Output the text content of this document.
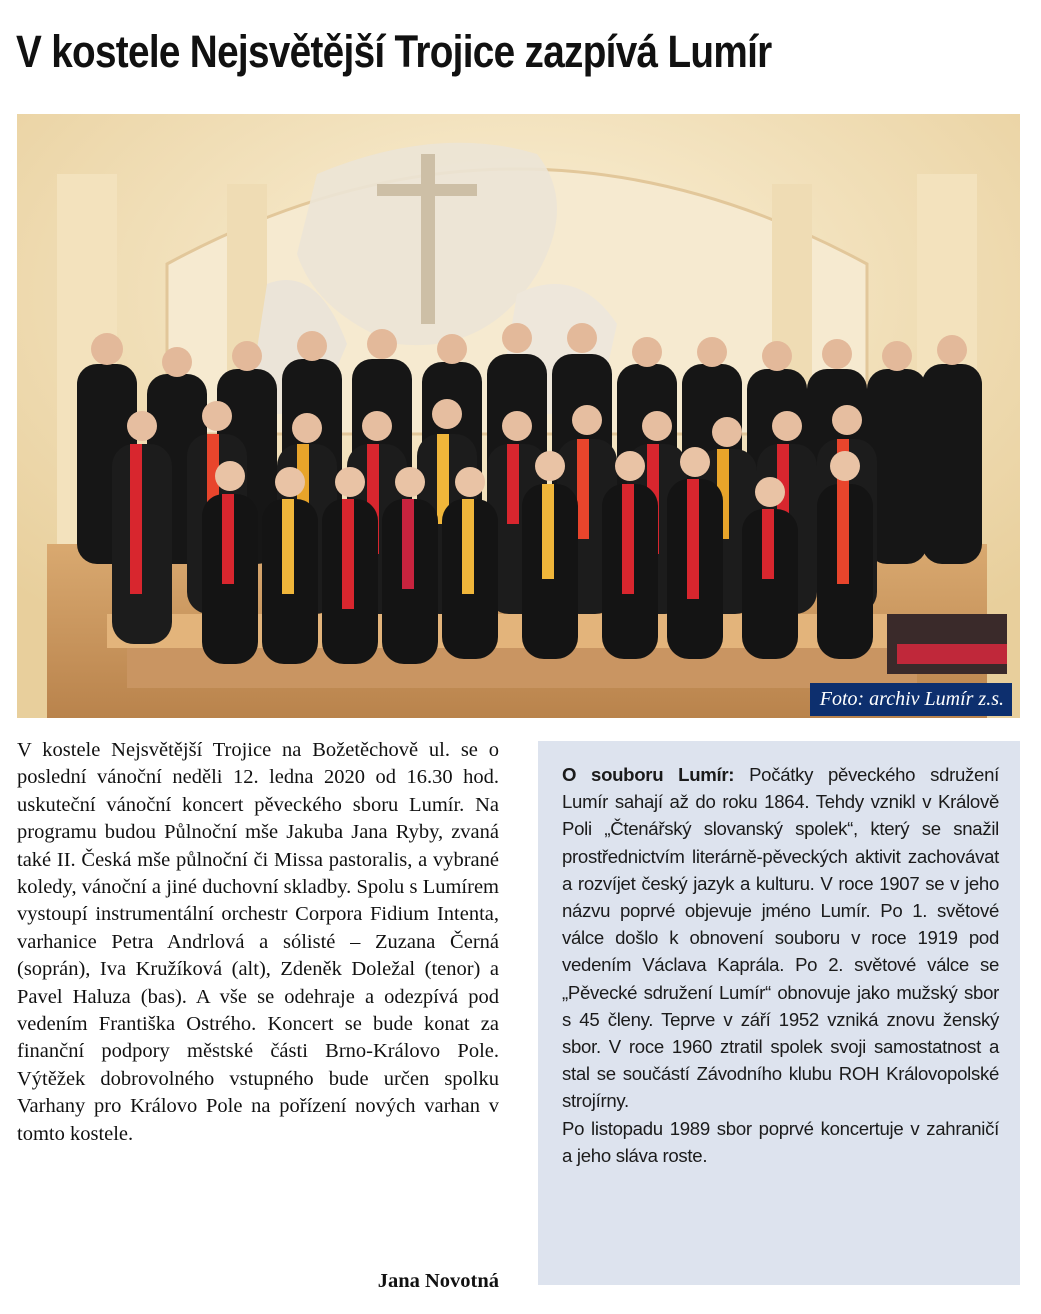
V kostele Nejsvětější Trojice zazpívá Lumír
Foto: archiv Lumír z.s.

V kostele Nejsvětější Trojice na Božetěchově ul. se o poslední vánoční neděli 12. ledna 2020 od 16.30 hod. uskuteční vánoční koncert pěveckého sboru Lumír. Na programu budou Půlnoční mše Jakuba Jana Ryby, zvaná také II. Česká mše půlnoční či Missa pastoralis, a vybrané koledy, vánoční a jiné duchovní skladby. Spolu s Lumírem vystoupí instrumentální orchestr Corpora Fidium Intenta, varhanice Petra Andrlová a sólisté – Zuzana Černá (soprán), Iva Kružíková (alt), Zdeněk Doležal (tenor) a Pavel Haluza (bas). A vše se odehraje a odezpívá pod vedením Františka Ostrého. Koncert se bude konat za finanční podpory městské části Brno-Královo Pole. Výtěžek dobrovolného vstupného bude určen spolku Varhany pro Královo Pole na pořízení nových varhan v tomto kostele.

Jana Novotná

O souboru Lumír: Počátky pěveckého sdružení Lumír sahají až do roku 1864. Tehdy vznikl v Králově Poli „Čtenářský slovanský spolek“, který se snažil prostřednictvím literárně-pěveckých aktivit zachovávat a rozvíjet český jazyk a kulturu. V roce 1907 se v jeho názvu poprvé objevuje jméno Lumír. Po 1. světové válce došlo k obnovení souboru v roce 1919 pod vedením Václava Kaprála. Po 2. světové válce se „Pěvecké sdružení Lumír“ obnovuje jako mužský sbor s 45 členy. Teprve v září 1952 vzniká znovu ženský sbor. V roce 1960 ztratil spolek svoji samostatnost a stal se součástí Závodního klubu ROH Královopolské strojírny.

Po listopadu 1989 sbor poprvé koncertuje v zahraničí a jeho sláva roste.
